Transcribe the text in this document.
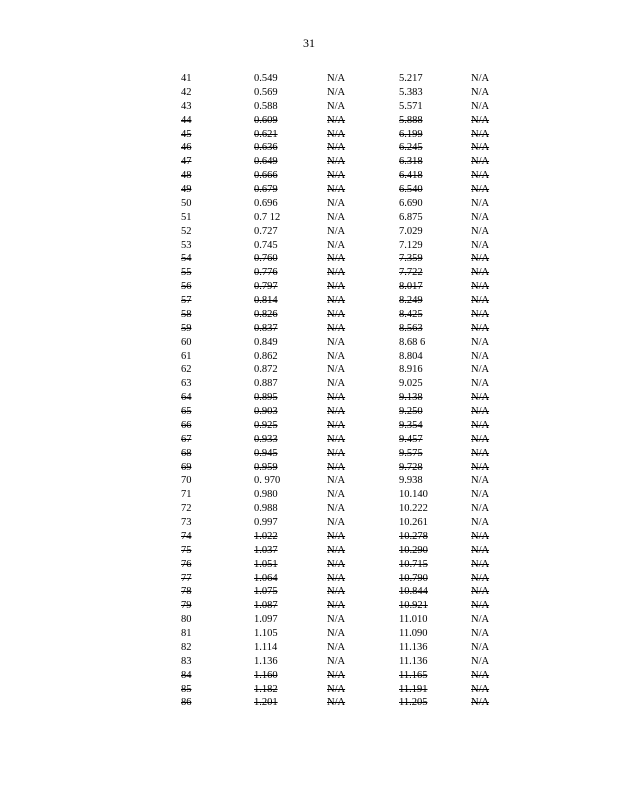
31
41	0.549	N/A	5.217	N/A
42	0.569	N/A	5.383	N/A
43	0.588	N/A	5.571	N/A
44	0.609	N/A	5.888	N/A
45	0.621	N/A	6.199	N/A
46	0.636	N/A	6.245	N/A
47	0.649	N/A	6.318	N/A
48	0.666	N/A	6.418	N/A
49	0.679	N/A	6.540	N/A
50	0.696	N/A	6.690	N/A
51	0.7 12	N/A	6.875	N/A
52	0.727	N/A	7.029	N/A
53	0.745	N/A	7.129	N/A
54	0.760	N/A	7.359	N/A
55	0.776	N/A	7.722	N/A
56	0.797	N/A	8.017	N/A
57	0.814	N/A	8.249	N/A
58	0.826	N/A	8.425	N/A
59	0.837	N/A	8.563	N/A
60	0.849	N/A	8.68 6	N/A
61	0.862	N/A	8.804	N/A
62	0.872	N/A	8.916	N/A
63	0.887	N/A	9.025	N/A
64	0.895	N/A	9.138	N/A
65	0.903	N/A	9.250	N/A
66	0.925	N/A	9.354	N/A
67	0.933	N/A	9.457	N/A
68	0.945	N/A	9.575	N/A
69	0.959	N/A	9.728	N/A
70	0. 970	N/A	9.938	N/A
71	0.980	N/A	10.140	N/A
72	0.988	N/A	10.222	N/A
73	0.997	N/A	10.261	N/A
74	1.022	N/A	10.278	N/A
75	1.037	N/A	10.290	N/A
76	1.051	N/A	10.715	N/A
77	1.064	N/A	10.790	N/A
78	1.075	N/A	10.844	N/A
79	1.087	N/A	10.921	N/A
80	1.097	N/A	11.010	N/A
81	1.105	N/A	11.090	N/A
82	1.114	N/A	11.136	N/A
83	1.136	N/A	11.136	N/A
84	1.160	N/A	11.165	N/A
85	1.182	N/A	11.191	N/A
86	1.201	N/A	11.205	N/A
